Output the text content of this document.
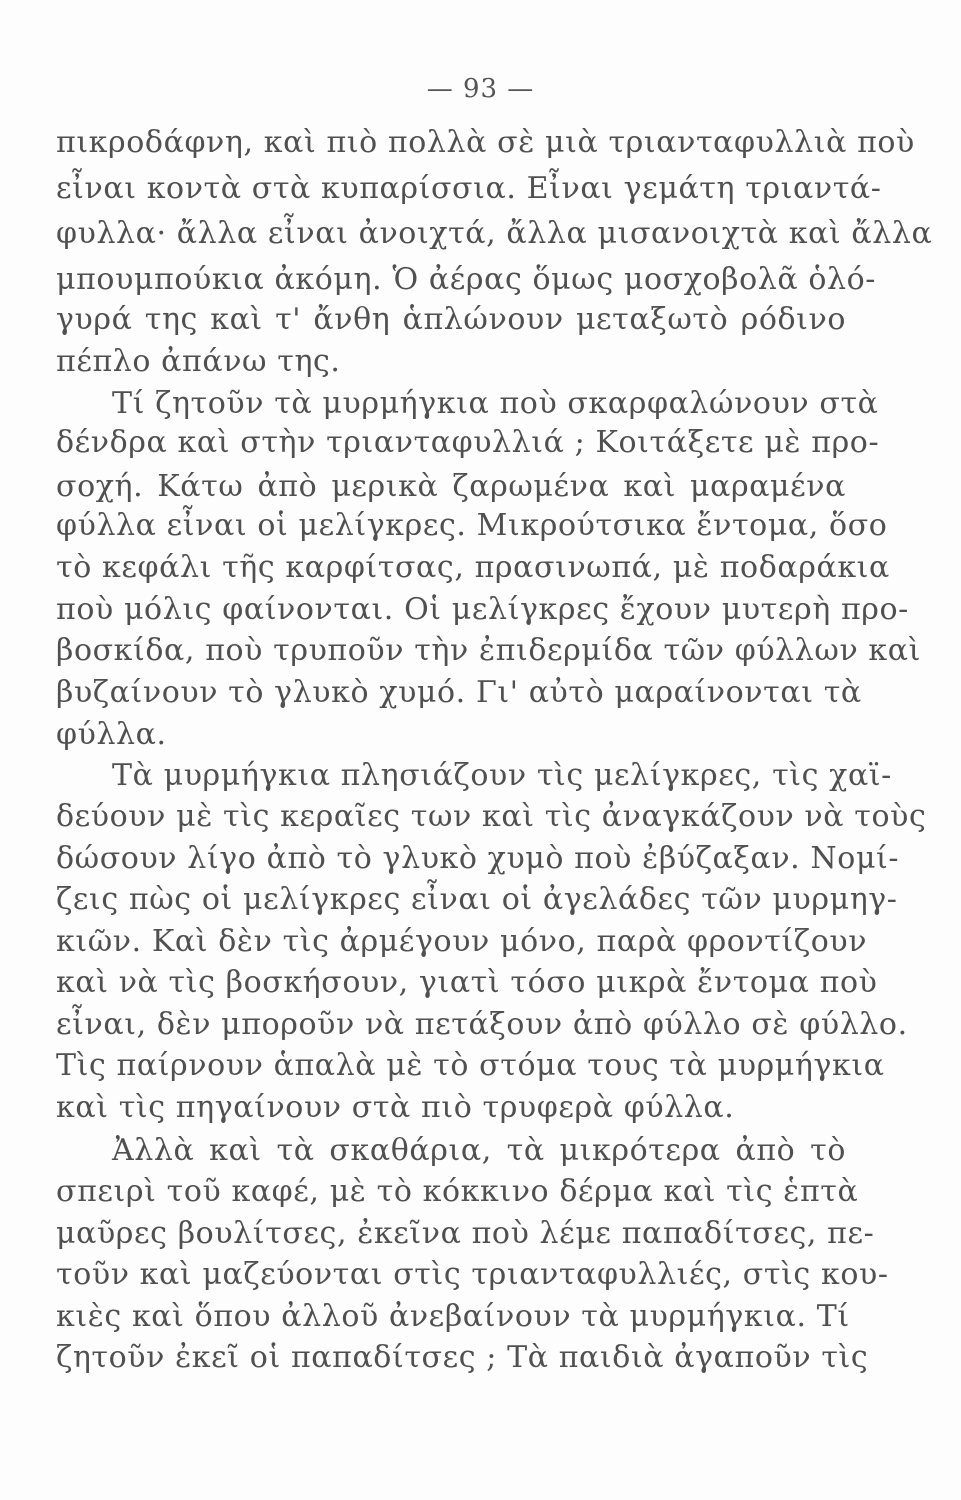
— 93 —
πικροδάφνη, καὶ πιὸ πολλὰ σὲ μιὰ τριανταφυλλιὰ ποὺ
εἶναι κοντὰ στὰ κυπαρίσσια. Εἶναι γεμάτη τριαντά-
φυλλα· ἄλλα εἶναι ἀνοιχτά, ἄλλα μισανοιχτὰ καὶ ἄλλα
μπουμπούκια ἀκόμη. Ὁ ἀέρας ὅμως μοσχοβολᾶ ὁλό-
γυρά της καὶ τ' ἄνθη ἁπλώνουν μεταξωτὸ ρόδινο
πέπλο ἀπάνω της.
Τί ζητοῦν τὰ μυρμήγκια ποὺ σκαρφαλώνουν στὰ
δένδρα καὶ στὴν τριανταφυλλιά ; Κοιτάξετε μὲ προ-
σοχή. Κάτω ἀπὸ μερικὰ ζαρωμένα καὶ μαραμένα
φύλλα εἶναι οἱ μελίγκρες. Μικρούτσικα ἔντομα, ὅσο
τὸ κεφάλι τῆς καρφίτσας, πρασινωπά, μὲ ποδαράκια
ποὺ μόλις φαίνονται. Οἱ μελίγκρες ἔχουν μυτερὴ προ-
βοσκίδα, ποὺ τρυποῦν τὴν ἐπιδερμίδα τῶν φύλλων καὶ
βυζαίνουν τὸ γλυκὸ χυμό. Γι' αὐτὸ μαραίνονται τὰ
φύλλα.
Τὰ μυρμήγκια πλησιάζουν τὶς μελίγκρες, τὶς χαϊ-
δεύουν μὲ τὶς κεραῖες των καὶ τὶς ἀναγκάζουν νὰ τοὺς
δώσουν λίγο ἀπὸ τὸ γλυκὸ χυμὸ ποὺ ἐβύζαξαν. Νομί-
ζεις πὼς οἱ μελίγκρες εἶναι οἱ ἀγελάδες τῶν μυρμηγ-
κιῶν. Καὶ δὲν τὶς ἀρμέγουν μόνο, παρὰ φροντίζουν
καὶ νὰ τὶς βοσκήσουν, γιατὶ τόσο μικρὰ ἔντομα ποὺ
εἶναι, δὲν μποροῦν νὰ πετάξουν ἀπὸ φύλλο σὲ φύλλο.
Τὶς παίρνουν ἁπαλὰ μὲ τὸ στόμα τους τὰ μυρμήγκια
καὶ τὶς πηγαίνουν στὰ πιὸ τρυφερὰ φύλλα.
Ἀλλὰ καὶ τὰ σκαθάρια, τὰ μικρότερα ἀπὸ τὸ
σπειρὶ τοῦ καφέ, μὲ τὸ κόκκινο δέρμα καὶ τὶς ἑπτὰ
μαῦρες βουλίτσες, ἐκεῖνα ποὺ λέμε παπαδίτσες, πε-
τοῦν καὶ μαζεύονται στὶς τριανταφυλλιές, στὶς κου-
κιὲς καὶ ὅπου ἀλλοῦ ἀνεβαίνουν τὰ μυρμήγκια. Τί
ζητοῦν ἐκεῖ οἱ παπαδίτσες ; Τὰ παιδιὰ ἀγαποῦν τὶς
